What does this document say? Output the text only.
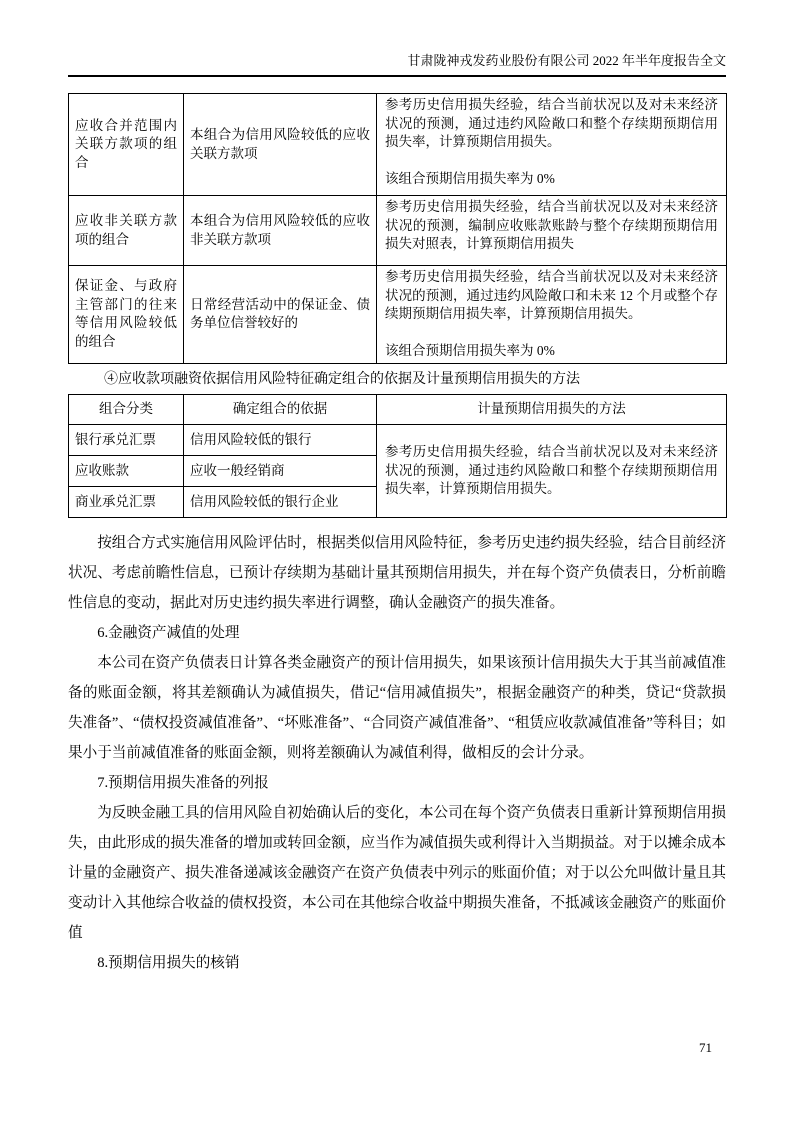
甘肃陇神戎发药业股份有限公司 2022 年半年度报告全文
应收合并范围内关联方款项的组合	本组合为信用风险较低的应收关联方款项	参考历史信用损失经验，结合当前状况以及对未来经济状况的预测，通过违约风险敞口和整个存续期预期信用损失率，计算预期信用损失。
该组合预期信用损失率为 0%

应收非关联方款项的组合	本组合为信用风险较低的应收非关联方款项	参考历史信用损失经验，结合当前状况以及对未来经济状况的预测，编制应收账款账龄与整个存续期预期信用损失对照表，计算预期信用损失

保证金、与政府主管部门的往来等信用风险较低的组合	日常经营活动中的保证金、债务单位信誉较好的	参考历史信用损失经验，结合当前状况以及对未来经济状况的预测，通过违约风险敞口和未来 12 个月或整个存续期预期信用损失率，计算预期信用损失。
该组合预期信用损失率为 0%
④应收款项融资依据信用风险特征确定组合的依据及计量预期信用损失的方法
组合分类	确定组合的依据	计量预期信用损失的方法
银行承兑汇票	信用风险较低的银行	参考历史信用损失经验，结合当前状况以及对未来经济状况的预测，通过违约风险敞口和整个存续期预期信用损失率，计算预期信用损失。
应收账款	应收一般经销商	
商业承兑汇票	信用风险较低的银行企业	

按组合方式实施信用风险评估时，根据类似信用风险特征，参考历史违约损失经验，结合目前经济状况、考虑前瞻性信息，已预计存续期为基础计量其预期信用损失，并在每个资产负债表日，分析前瞻性信息的变动，据此对历史违约损失率进行调整，确认金融资产的损失准备。

6.金融资产减值的处理

本公司在资产负债表日计算各类金融资产的预计信用损失，如果该预计信用损失大于其当前减值准备的账面金额，将其差额确认为减值损失，借记“信用减值损失”，根据金融资产的种类，贷记“贷款损失准备”、“债权投资减值准备”、“坏账准备”、“合同资产减值准备”、“租赁应收款减值准备”等科目；如果小于当前减值准备的账面金额，则将差额确认为减值利得，做相反的会计分录。

7.预期信用损失准备的列报

为反映金融工具的信用风险自初始确认后的变化，本公司在每个资产负债表日重新计算预期信用损失，由此形成的损失准备的增加或转回金额，应当作为减值损失或利得计入当期损益。对于以摊余成本计量的金融资产、损失准备递减该金融资产在资产负债表中列示的账面价值；对于以公允叫做计量且其变动计入其他综合收益的债权投资，本公司在其他综合收益中期损失准备，不抵减该金融资产的账面价值

8.预期信用损失的核销

71
